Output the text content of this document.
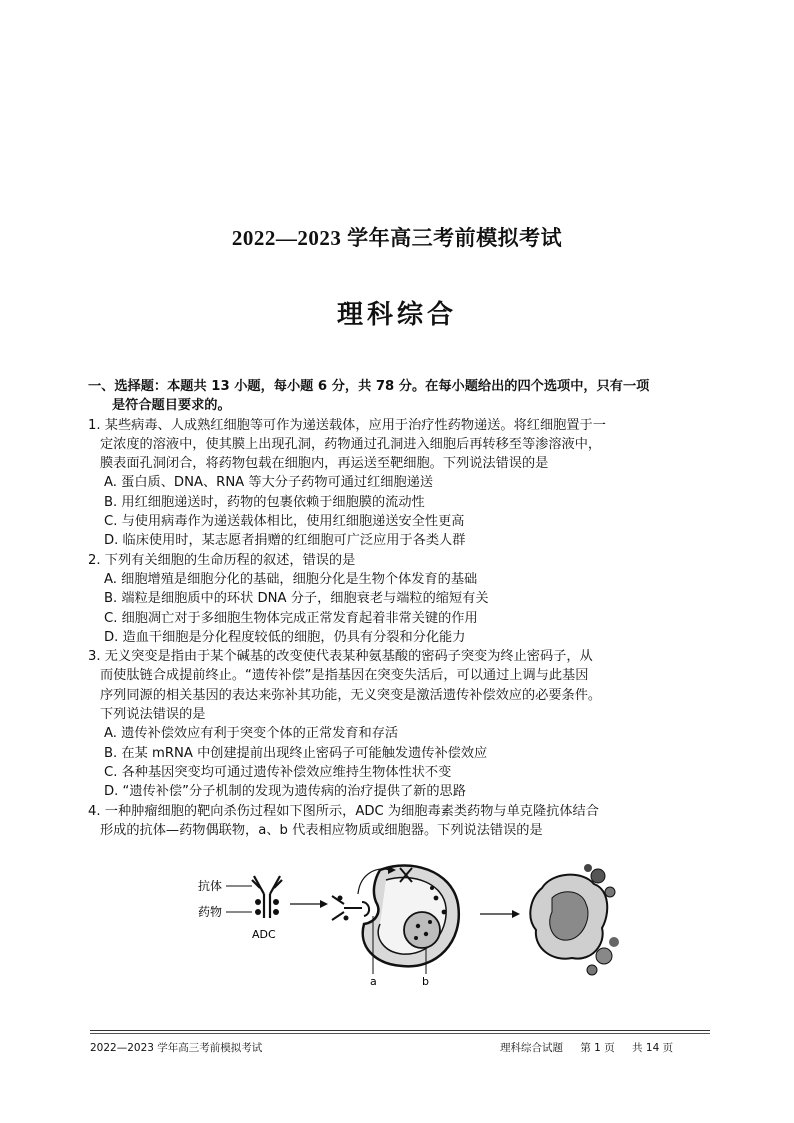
2022—2023 学年高三考前模拟考试
理科综合
一、选择题：本题共 13 小题，每小题 6 分，共 78 分。在每小题给出的四个选项中，只有一项
是符合题目要求的。
1. 某些病毒、人成熟红细胞等可作为递送载体，应用于治疗性药物递送。将红细胞置于一
定浓度的溶液中，使其膜上出现孔洞，药物通过孔洞进入细胞后再转移至等渗溶液中，
膜表面孔洞闭合，将药物包载在细胞内，再运送至靶细胞。下列说法错误的是
A. 蛋白质、DNA、RNA 等大分子药物可通过红细胞递送
B. 用红细胞递送时，药物的包裹依赖于细胞膜的流动性
C. 与使用病毒作为递送载体相比，使用红细胞递送安全性更高
D. 临床使用时，某志愿者捐赠的红细胞可广泛应用于各类人群
2. 下列有关细胞的生命历程的叙述，错误的是
A. 细胞增殖是细胞分化的基础，细胞分化是生物个体发育的基础
B. 端粒是细胞质中的环状 DNA 分子，细胞衰老与端粒的缩短有关
C. 细胞凋亡对于多细胞生物体完成正常发育起着非常关键的作用
D. 造血干细胞是分化程度较低的细胞，仍具有分裂和分化能力
3. 无义突变是指由于某个碱基的改变使代表某种氨基酸的密码子突变为终止密码子，从
而使肽链合成提前终止。“遗传补偿”是指基因在突变失活后，可以通过上调与此基因
序列同源的相关基因的表达来弥补其功能，无义突变是激活遗传补偿效应的必要条件。
下列说法错误的是
A. 遗传补偿效应有利于突变个体的正常发育和存活
B. 在某 mRNA 中创建提前出现终止密码子可能触发遗传补偿效应
C. 各种基因突变均可通过遗传补偿效应维持生物体性状不变
D. “遗传补偿”分子机制的发现为遗传病的治疗提供了新的思路
4. 一种肿瘤细胞的靶向杀伤过程如下图所示，ADC 为细胞毒素类药物与单克隆抗体结合
形成的抗体—药物偶联物，a、b 代表相应物质或细胞器。下列说法错误的是
抗体
药物
ADC
a	b
2022—2023 学年高三考前模拟考试	理科综合试题 第 1 页 共 14 页
